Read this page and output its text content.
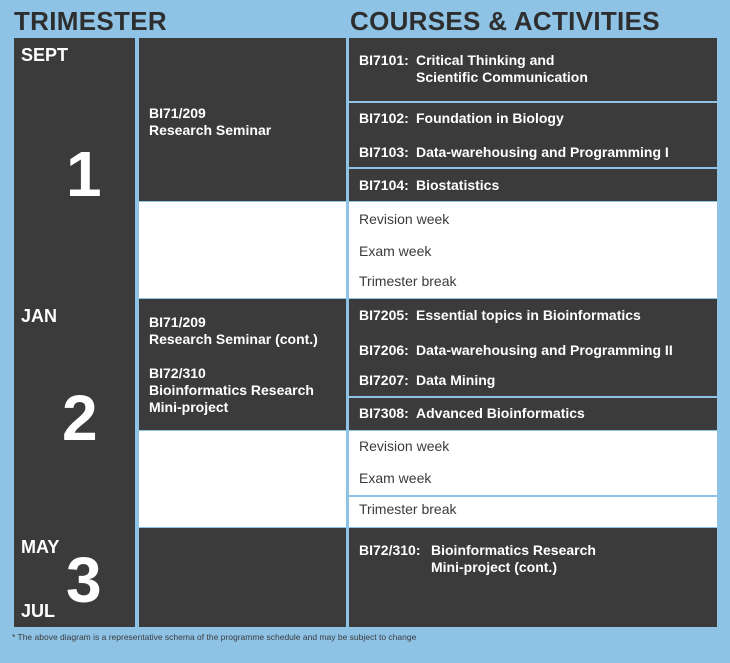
TRIMESTER	COURSES & ACTIVITIES
SEPT
1
JAN
2
MAY 3
JUL
BI71/209
Research Seminar
BI71/209
Research Seminar (cont.)
BI72/310
Bioinformatics Research
Mini-project
BI7101: Critical Thinking and
Scientific Communication
BI7102: Foundation in Biology
BI7103: Data-warehousing and Programming I
BI7104: Biostatistics
Revision week
Exam week
Trimester break
BI7205: Essential topics in Bioinformatics
BI7206: Data-warehousing and Programming II
BI7207: Data Mining
BI7308: Advanced Bioinformatics
Revision week
Exam week
Trimester break
BI72/310: Bioinformatics Research
Mini-project (cont.)
* The above diagram is a representative schema of the programme schedule and may be subject to change
